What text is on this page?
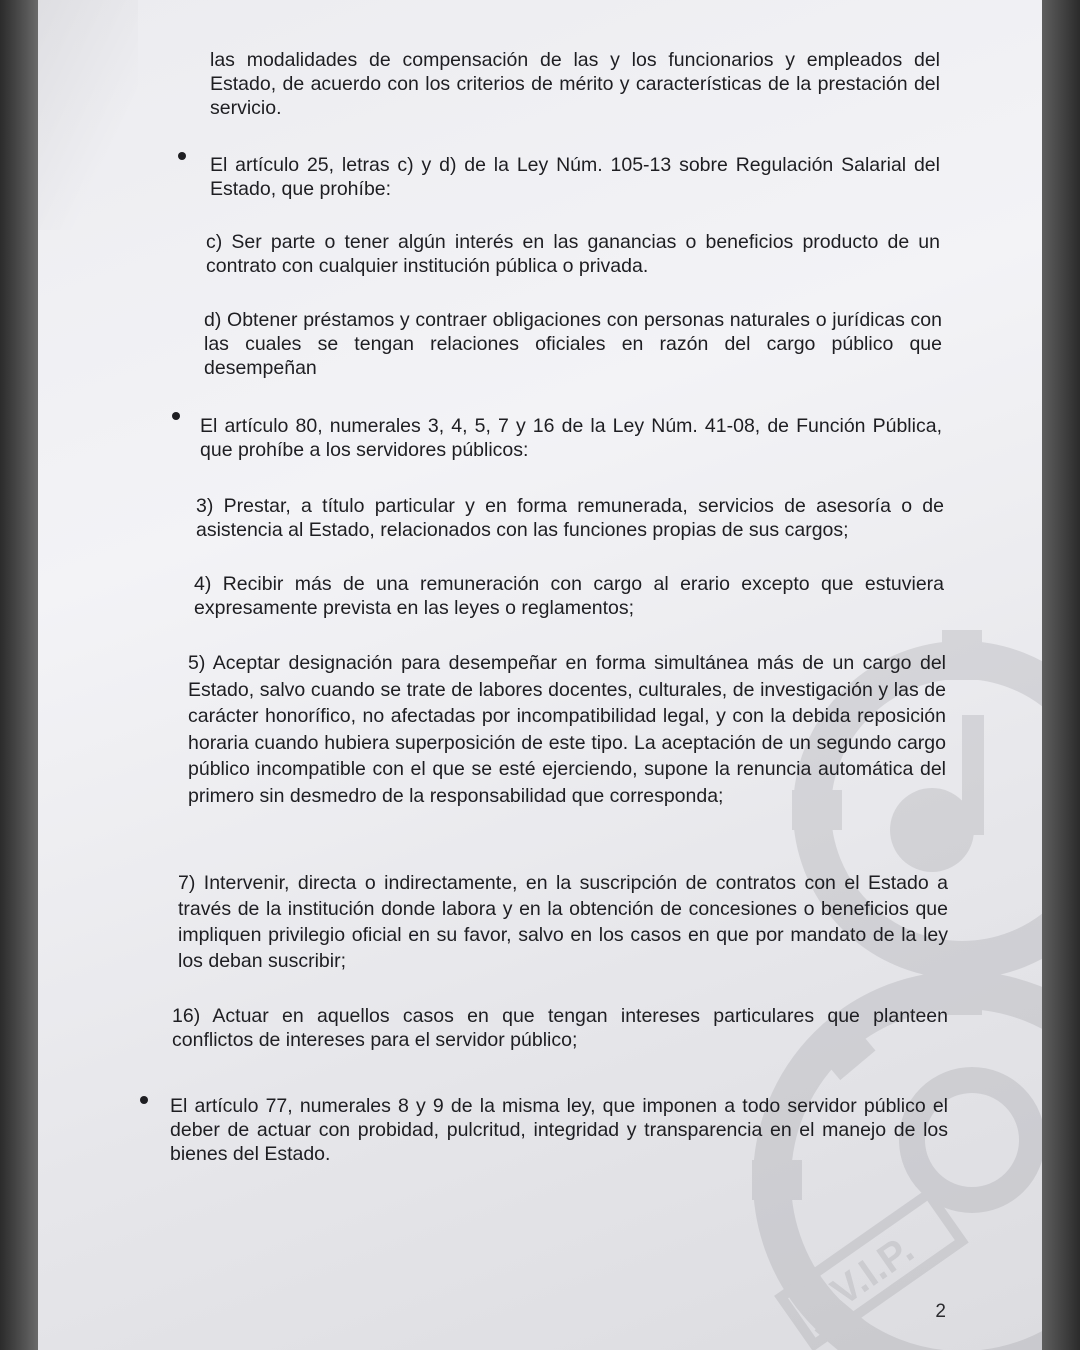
V.I.P.

las modalidades de compensación de las y los funcionarios y empleados del Estado, de acuerdo con los criterios de mérito y características de la prestación del servicio.

El artículo 25, letras c) y d) de la Ley Núm. 105-13 sobre Regulación Salarial del Estado, que prohíbe:

c) Ser parte o tener algún interés en las ganancias o beneficios producto de un contrato con cualquier institución pública o privada.

d) Obtener préstamos y contraer obligaciones con personas naturales o jurídicas con las cuales se tengan relaciones oficiales en razón del cargo público que desempeñan

El artículo 80, numerales 3, 4, 5, 7 y 16 de la Ley Núm. 41-08, de Función Pública, que prohíbe a los servidores públicos:

3) Prestar, a título particular y en forma remunerada, servicios de asesoría o de asistencia al Estado, relacionados con las funciones propias de sus cargos;

4) Recibir más de una remuneración con cargo al erario excepto que estuviera expresamente prevista en las leyes o reglamentos;

5) Aceptar designación para desempeñar en forma simultánea más de un cargo del Estado, salvo cuando se trate de labores docentes, culturales, de investigación y las de carácter honorífico, no afectadas por incompatibilidad legal, y con la debida reposición horaria cuando hubiera superposición de este tipo. La aceptación de un segundo cargo público incompatible con el que se esté ejerciendo, supone la renuncia automática del primero sin desmedro de la responsabilidad que corresponda;

7) Intervenir, directa o indirectamente, en la suscripción de contratos con el Estado a través de la institución donde labora y en la obtención de concesiones o beneficios que impliquen privilegio oficial en su favor, salvo en los casos en que por mandato de la ley los deban suscribir;

16) Actuar en aquellos casos en que tengan intereses particulares que planteen conflictos de intereses para el servidor público;

El artículo 77, numerales 8 y 9 de la misma ley, que imponen a todo servidor público el deber de actuar con probidad, pulcritud, integridad y transparencia en el manejo de los bienes del Estado.

2
